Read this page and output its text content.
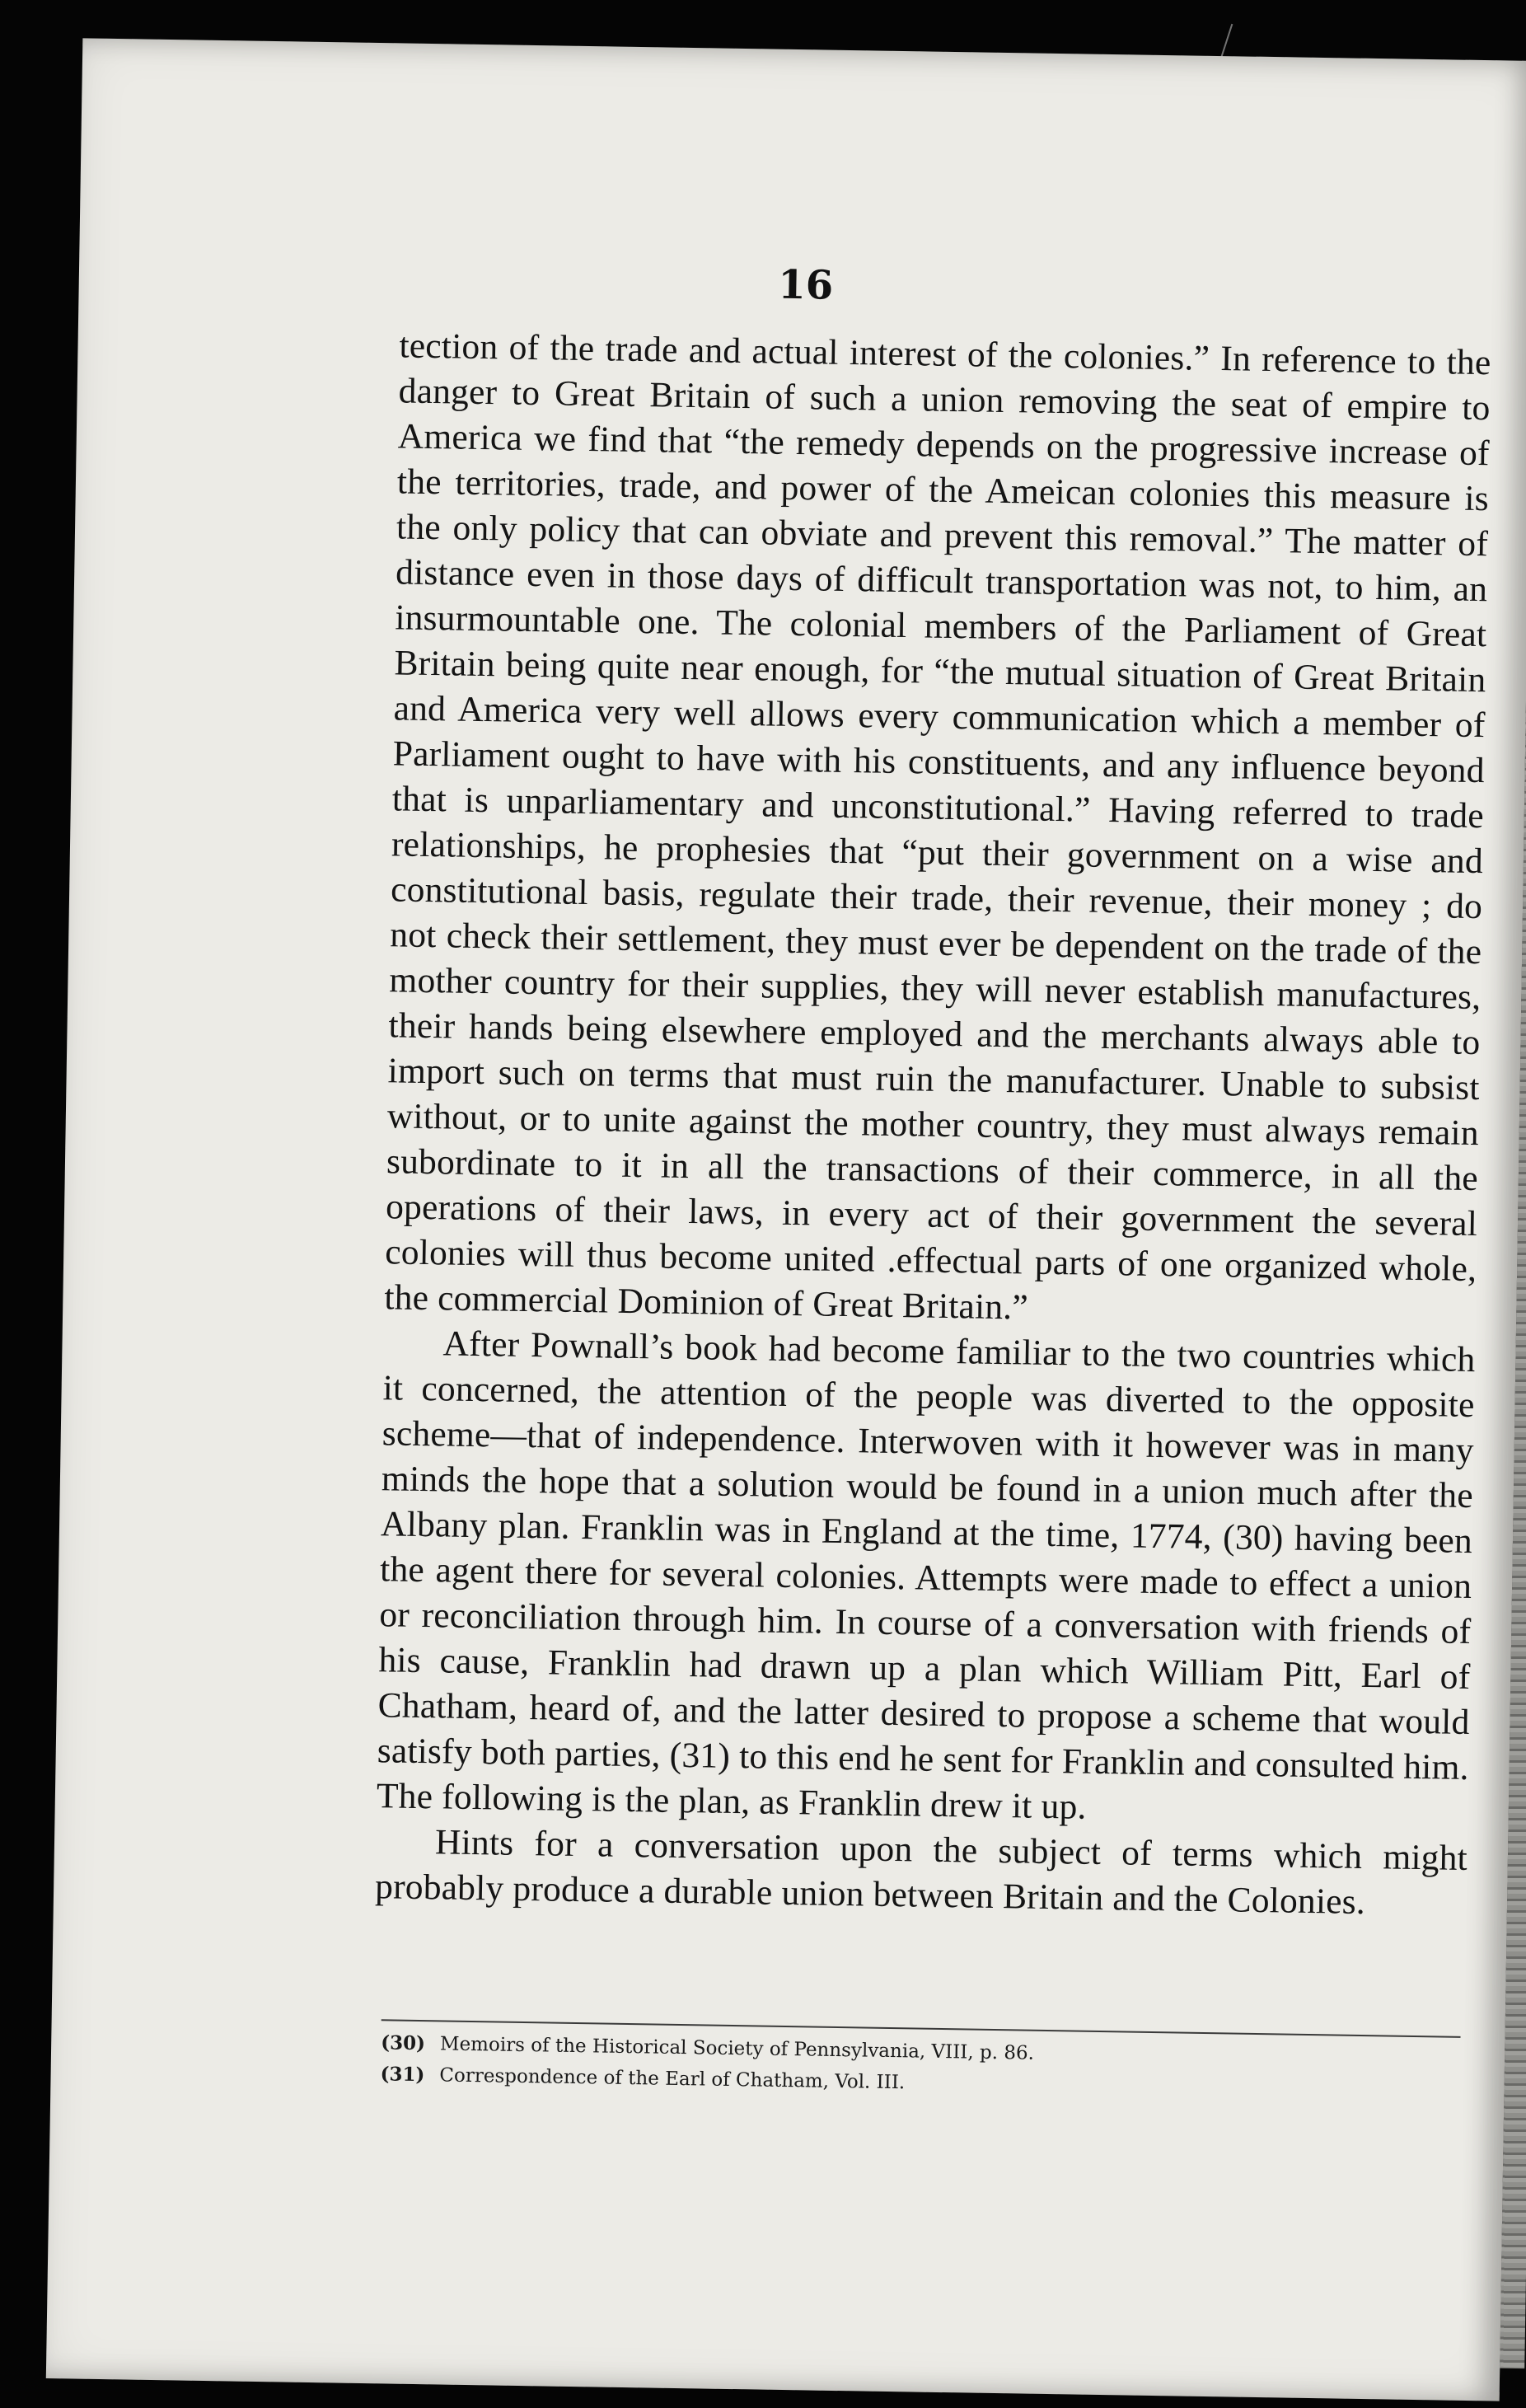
16

tection of the trade and actual interest of the colonies.” In reference to the danger to Great Britain of such a union removing the seat of empire to America we find that “the remedy depends on the progressive increase of the territories, trade, and power of the Ameican colonies this measure is the only policy that can obviate and prevent this removal.” The matter of distance even in those days of difficult transportation was not, to him, an insurmountable one. The colonial members of the Parliament of Great Britain being quite near enough, for “the mutual situation of Great Britain and America very well allows every communication which a member of Parliament ought to have with his constituents, and any influence beyond that is unparliamentary and unconstitutional.” Having referred to trade relationships, he prophesies that “put their government on a wise and constitutional basis, regulate their trade, their revenue, their money ; do not check their settlement, they must ever be dependent on the trade of the mother country for their supplies, they will never establish manufactures, their hands being elsewhere employed and the merchants always able to import such on terms that must ruin the manufacturer. Unable to subsist without, or to unite against the mother country, they must always remain subordinate to it in all the transactions of their commerce, in all the operations of their laws, in every act of their government the several colonies will thus become united .effectual parts of one organized whole, the commercial Dominion of Great Britain.”

After Pownall’s book had become familiar to the two countries which it concerned, the attention of the people was diverted to the opposite scheme—that of independence. Interwoven with it however was in many minds the hope that a solution would be found in a union much after the Albany plan. Franklin was in England at the time, 1774, (30) having been the agent there for several colonies. Attempts were made to effect a union or reconciliation through him. In course of a conversation with friends of his cause, Franklin had drawn up a plan which William Pitt, Earl of Chatham, heard of, and the latter desired to propose a scheme that would satisfy both parties, (31) to this end he sent for Franklin and consulted him. The following is the plan, as Franklin drew it up.

Hints for a conversation upon the subject of terms which might probably produce a durable union between Britain and the Colonies.

(30) Memoirs of the Historical Society of Pennsylvania, VIII, p. 86.
(31) Correspondence of the Earl of Chatham, Vol. III.
